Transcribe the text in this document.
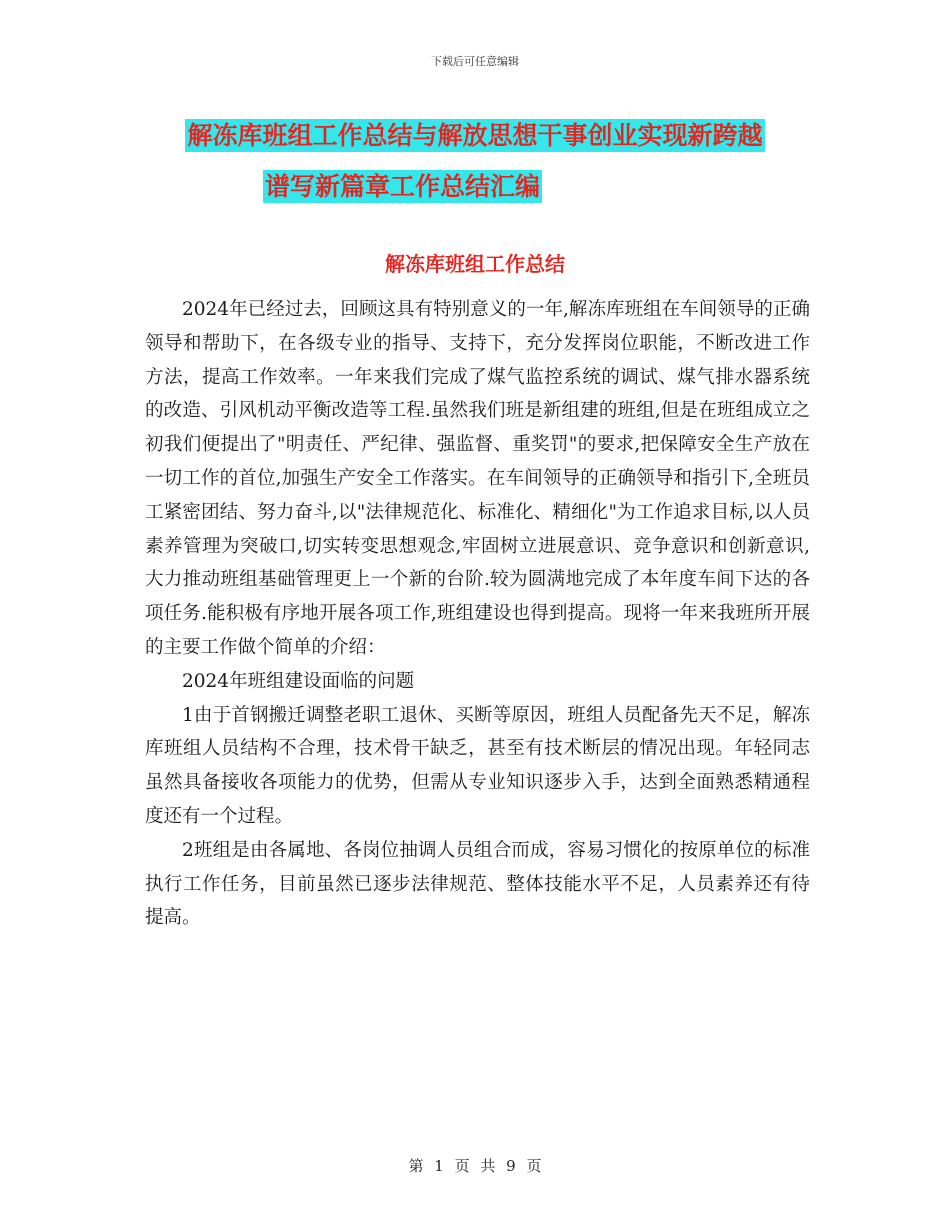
下载后可任意编辑
解冻库班组工作总结与解放思想干事创业实现新跨越

谱写新篇章工作总结汇编
解冻库班组工作总结

2024年已经过去，回顾这具有特别意义的一年,解冻库班组在车间领导的正确领导和帮助下，在各级专业的指导、支持下，充分发挥岗位职能，不断改进工作方法，提高工作效率。一年来我们完成了煤气监控系统的调试、煤气排水器系统的改造、引风机动平衡改造等工程.虽然我们班是新组建的班组,但是在班组成立之初我们便提出了"明责任、严纪律、强监督、重奖罚"的要求,把保障安全生产放在一切工作的首位,加强生产安全工作落实。在车间领导的正确领导和指引下,全班员工紧密团结、努力奋斗,以"法律规范化、标准化、精细化"为工作追求目标,以人员素养管理为突破口,切实转变思想观念,牢固树立进展意识、竞争意识和创新意识,大力推动班组基础管理更上一个新的台阶.较为圆满地完成了本年度车间下达的各项任务.能积极有序地开展各项工作,班组建设也得到提高。现将一年来我班所开展的主要工作做个简单的介绍：

2024年班组建设面临的问题

1由于首钢搬迁调整老职工退休、买断等原因，班组人员配备先天不足，解冻库班组人员结构不合理，技术骨干缺乏，甚至有技术断层的情况出现。年轻同志虽然具备接收各项能力的优势，但需从专业知识逐步入手，达到全面熟悉精通程度还有一个过程。

2班组是由各属地、各岗位抽调人员组合而成，容易习惯化的按原单位的标准执行工作任务，目前虽然已逐步法律规范、整体技能水平不足，人员素养还有待提高。

第 1 页 共 9 页
